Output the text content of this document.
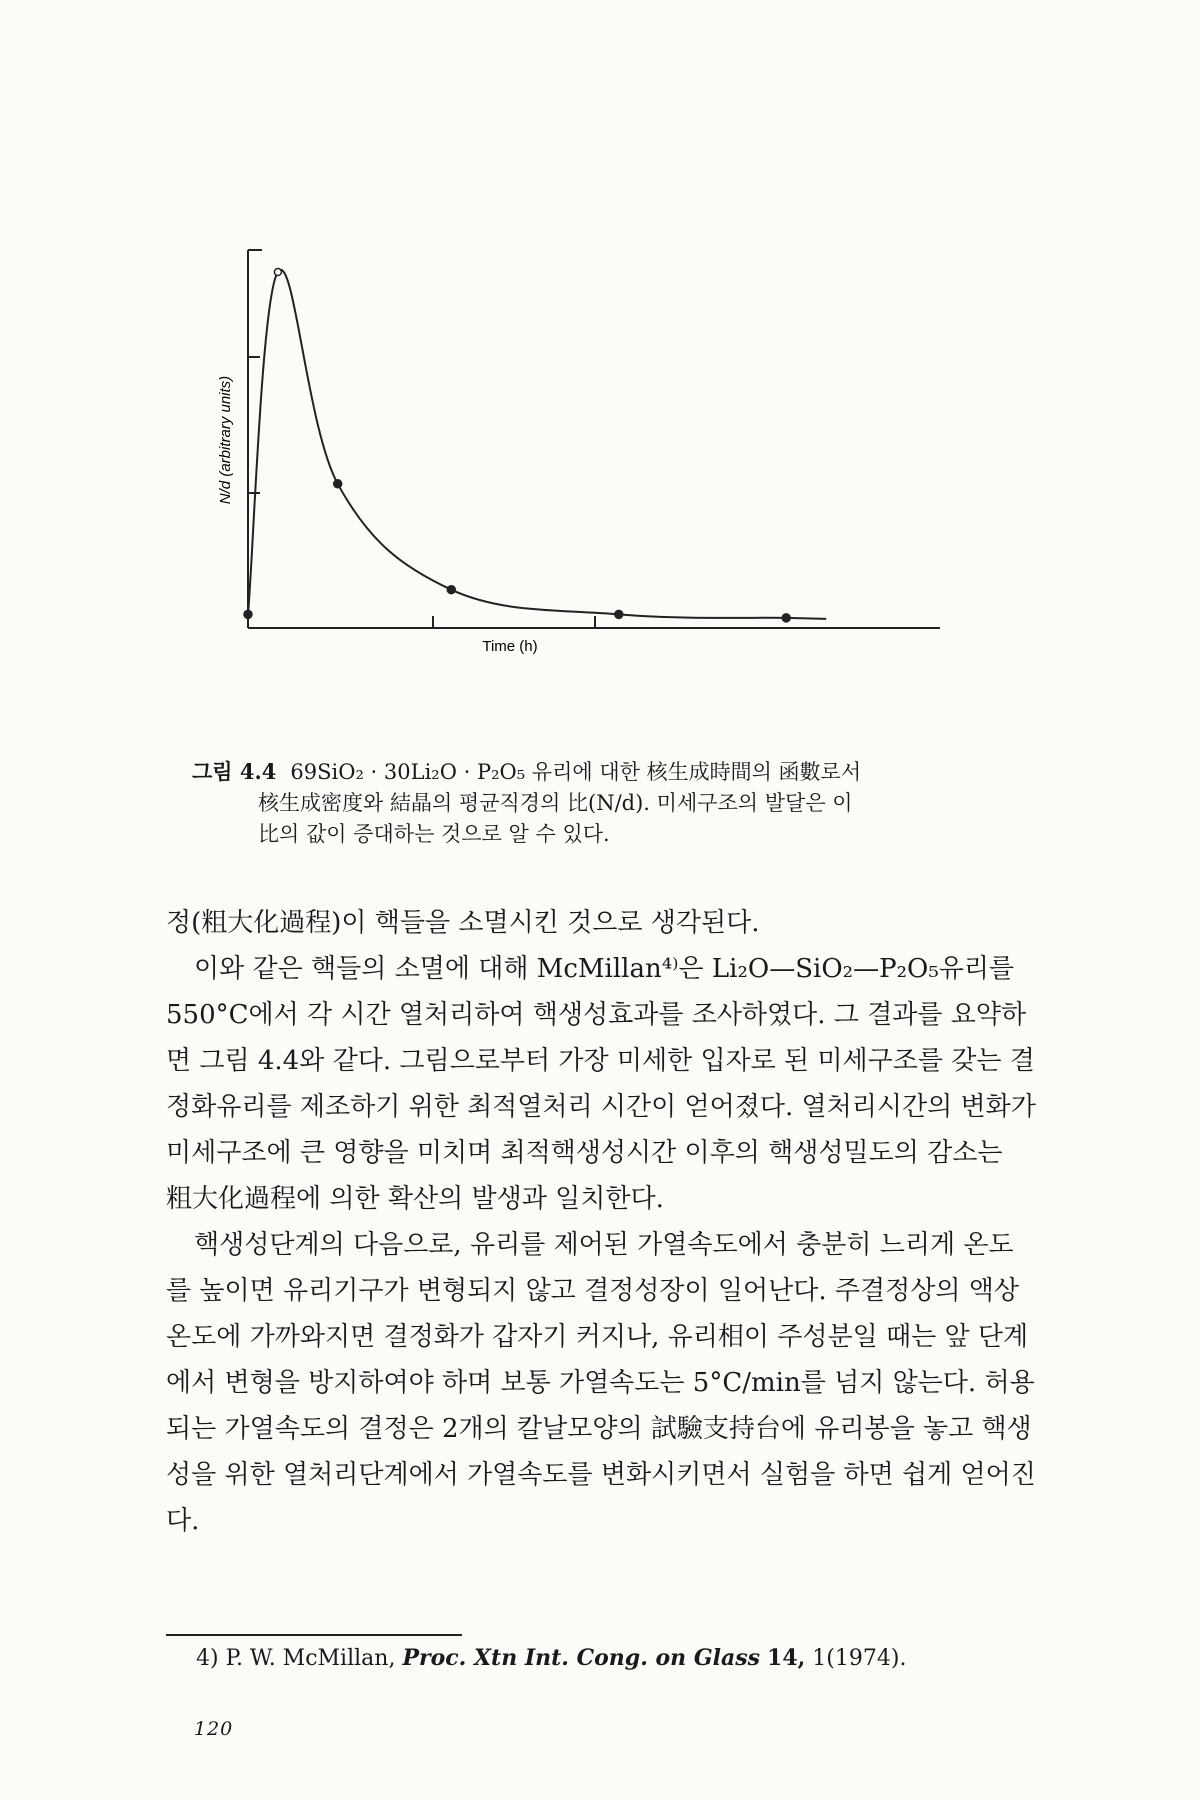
N/d (arbitrary units)
Time (h)
그림 4.4 69SiO₂ · 30Li₂O · P₂O₅ 유리에 대한 核生成時間의 函數로서
核生成密度와 結晶의 평균직경의 比(N/d). 미세구조의 발달은 이
比의 값이 증대하는 것으로 알 수 있다.

정(粗大化過程)이 핵들을 소멸시킨 것으로 생각된다.

이와 같은 핵들의 소멸에 대해 McMillan⁴⁾은 Li₂O—SiO₂—P₂O₅유리를 550°C에서 각 시간 열처리하여 핵생성효과를 조사하였다. 그 결과를 요약하면 그림 4.4와 같다. 그림으로부터 가장 미세한 입자로 된 미세구조를 갖는 결정화유리를 제조하기 위한 최적열처리 시간이 얻어졌다. 열처리시간의 변화가 미세구조에 큰 영향을 미치며 최적핵생성시간 이후의 핵생성밀도의 감소는 粗大化過程에 의한 확산의 발생과 일치한다.

핵생성단계의 다음으로, 유리를 제어된 가열속도에서 충분히 느리게 온도를 높이면 유리기구가 변형되지 않고 결정성장이 일어난다. 주결정상의 액상온도에 가까와지면 결정화가 갑자기 커지나, 유리相이 주성분일 때는 앞 단계에서 변형을 방지하여야 하며 보통 가열속도는 5°C/min를 넘지 않는다. 허용되는 가열속도의 결정은 2개의 칼날모양의 試驗支持台에 유리봉을 놓고 핵생성을 위한 열처리단계에서 가열속도를 변화시키면서 실험을 하면 쉽게 얻어진다.

4) P. W. McMillan, Proc. Xtn Int. Cong. on Glass 14, 1(1974).
120
